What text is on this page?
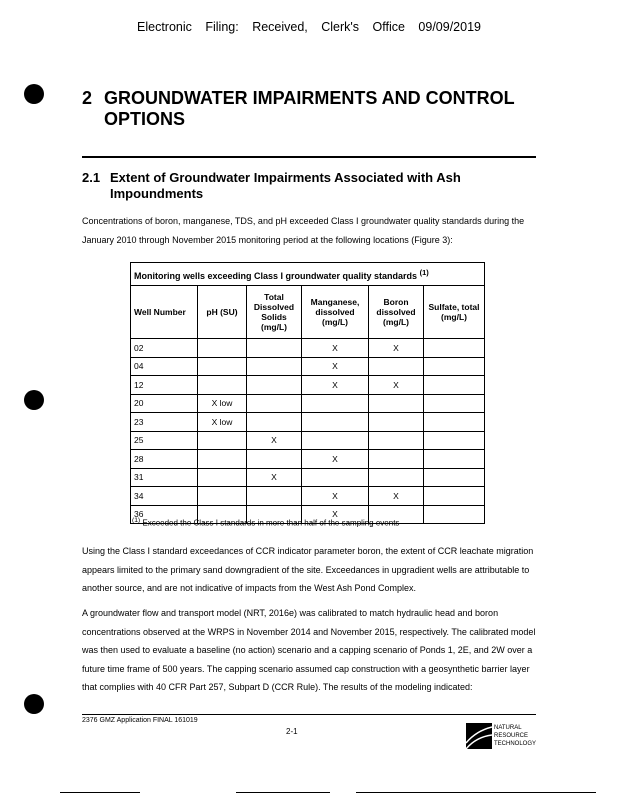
Electronic Filing: Received, Clerk's Office 09/09/2019
2 GROUNDWATER IMPAIRMENTS AND CONTROL OPTIONS
2.1 Extent of Groundwater Impairments Associated with Ash Impoundments
Concentrations of boron, manganese, TDS, and pH exceeded Class I groundwater quality standards during the January 2010 through November 2015 monitoring period at the following locations (Figure 3):
Monitoring wells exceeding Class I groundwater quality standards $^{(1)}$
Well Number	pH (SU)	Total Dissolved Solids (mg/L)	Manganese, dissolved (mg/L)	Boron dissolved (mg/L)	Sulfate, total (mg/L)
02			X	X	
04			X		
12			X	X	
20	X low				
23	X low				
25		X			
28			X		
31		X			
34			X	X	
36			X		
$^{(1)}$ Exceeded the Class I standards in more than half of the sampling events
Using the Class I standard exceedances of CCR indicator parameter boron, the extent of CCR leachate migration appears limited to the primary sand downgradient of the site. Exceedances in upgradient wells are attributable to another source, and are not indicative of impacts from the West Ash Pond Complex.
A groundwater flow and transport model (NRT, 2016e) was calibrated to match hydraulic head and boron concentrations observed at the WRPS in November 2014 and November 2015, respectively. The calibrated model was then used to evaluate a baseline (no action) scenario and a capping scenario of Ponds 1, 2E, and 2W over a future time frame of 500 years. The capping scenario assumed cap construction with a geosynthetic barrier layer that complies with 40 CFR Part 257, Subpart D (CCR Rule). The results of the modeling indicated:
2376 GMZ Application FINAL 161019
2-1	NATURAL
RESOURCE
TECHNOLOGY
